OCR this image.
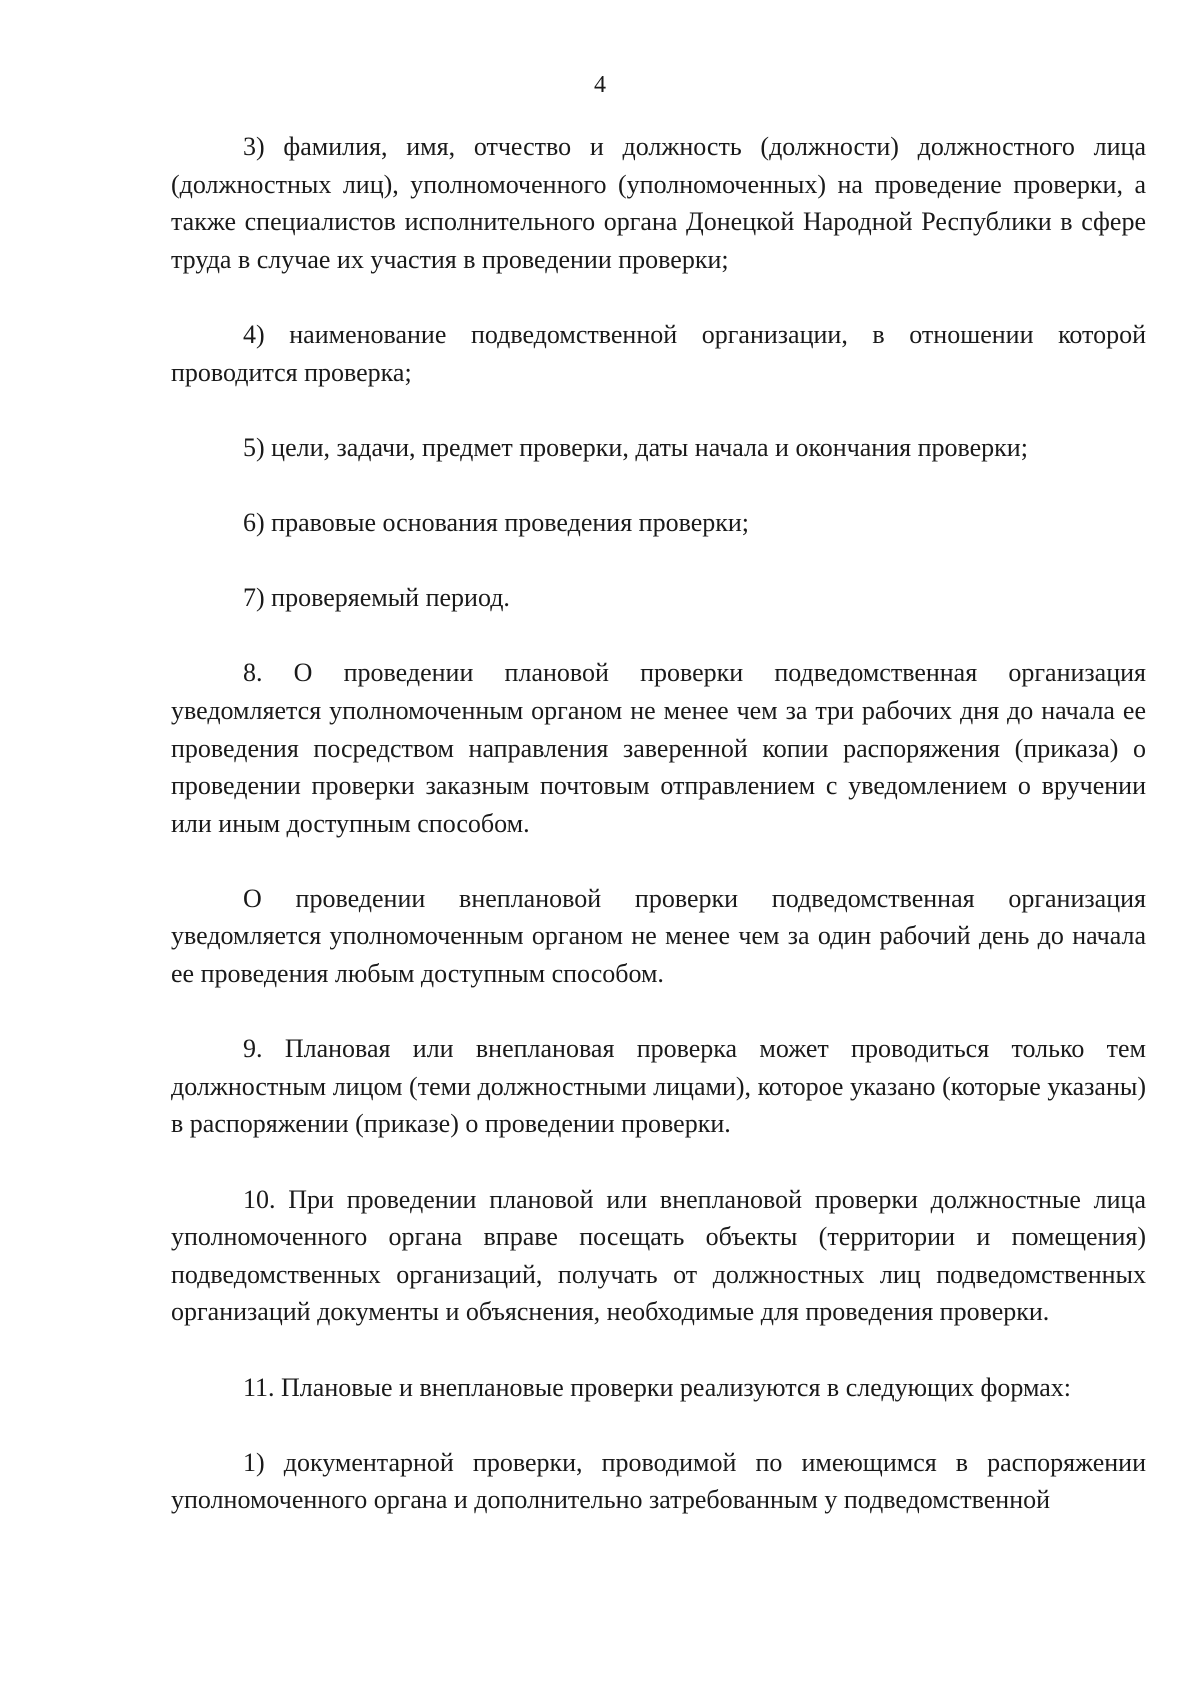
4

3) фамилия, имя, отчество и должность (должности) должностного лица (должностных лиц), уполномоченного (уполномоченных) на проведение проверки, а также специалистов исполнительного органа Донецкой Народной Республики в сфере труда в случае их участия в проведении проверки;

4) наименование подведомственной организации, в отношении которой проводится проверка;

5) цели, задачи, предмет проверки, даты начала и окончания проверки;

6) правовые основания проведения проверки;

7) проверяемый период.

8. О проведении плановой проверки подведомственная организация уведомляется уполномоченным органом не менее чем за три рабочих дня до начала ее проведения посредством направления заверенной копии распоряжения (приказа) о проведении проверки заказным почтовым отправлением с уведомлением о вручении или иным доступным способом.

О проведении внеплановой проверки подведомственная организация уведомляется уполномоченным органом не менее чем за один рабочий день до начала ее проведения любым доступным способом.

9. Плановая или внеплановая проверка может проводиться только тем должностным лицом (теми должностными лицами), которое указано (которые указаны) в распоряжении (приказе) о проведении проверки.

10. При проведении плановой или внеплановой проверки должностные лица уполномоченного органа вправе посещать объекты (территории и помещения) подведомственных организаций, получать от должностных лиц подведомственных организаций документы и объяснения, необходимые для проведения проверки.

11. Плановые и внеплановые проверки реализуются в следующих формах:

1) документарной проверки, проводимой по имеющимся в распоряжении уполномоченного органа и дополнительно затребованным у подведомственной
